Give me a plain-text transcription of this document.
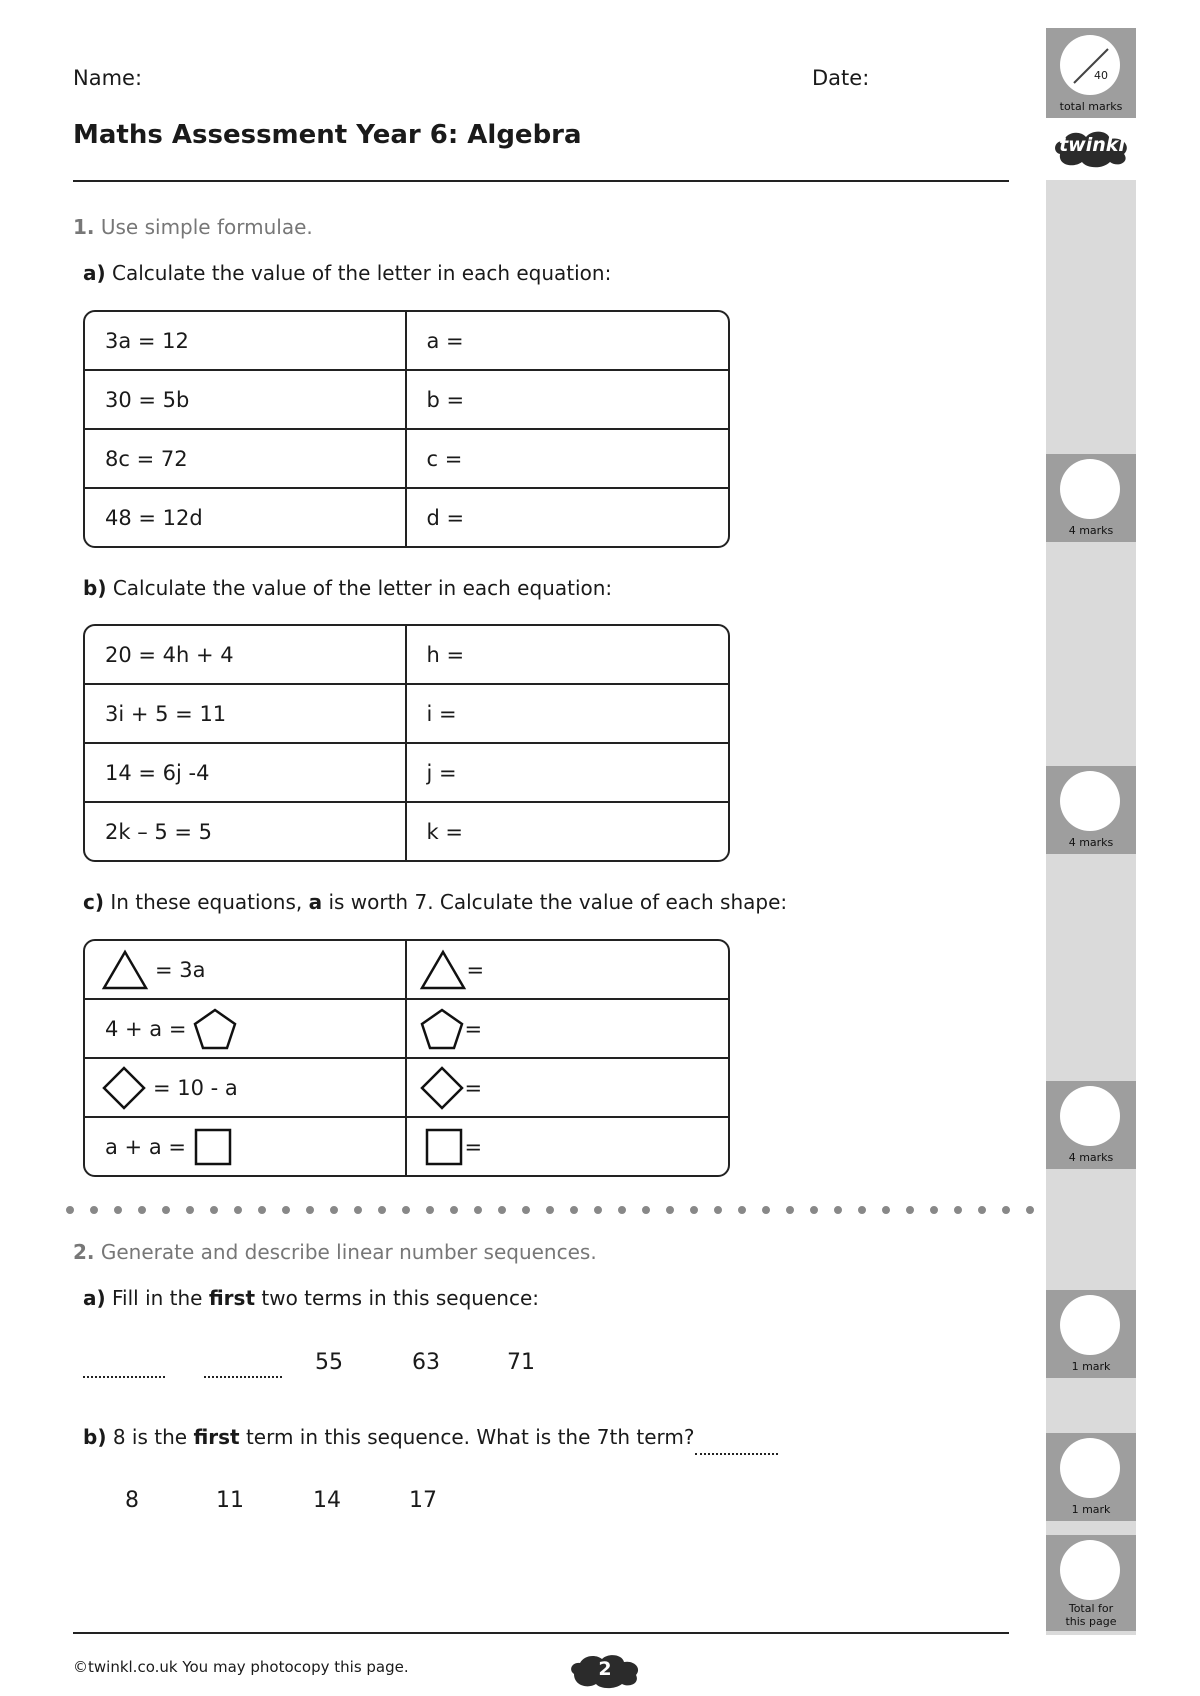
Name:	Date:
Maths Assessment Year 6: Algebra
40
total marks
twinkl
4 marks
4 marks
4 marks
1 mark
1 mark
Total for
this page
1. Use simple formulae.
a) Calculate the value of the letter in each equation:
3a = 12	a =
30 = 5b	b =
8c = 72	c =
48 = 12d	d =
b) Calculate the value of the letter in each equation:
20 = 4h + 4	h =
3i + 5 = 11	i =
14 = 6j -4	j =
2k – 5 = 5	k =
c) In these equations, a is worth 7. Calculate the value of each shape:
= 3a	=
4 + a =	=
= 10 - a	=
a + a =	=
2. Generate and describe linear number sequences.
a) Fill in the first two terms in this sequence:
55	63	71
b) 8 is the first term in this sequence. What is the 7th term?
8	11	14	17
©twinkl.co.uk You may photocopy this page.	2
